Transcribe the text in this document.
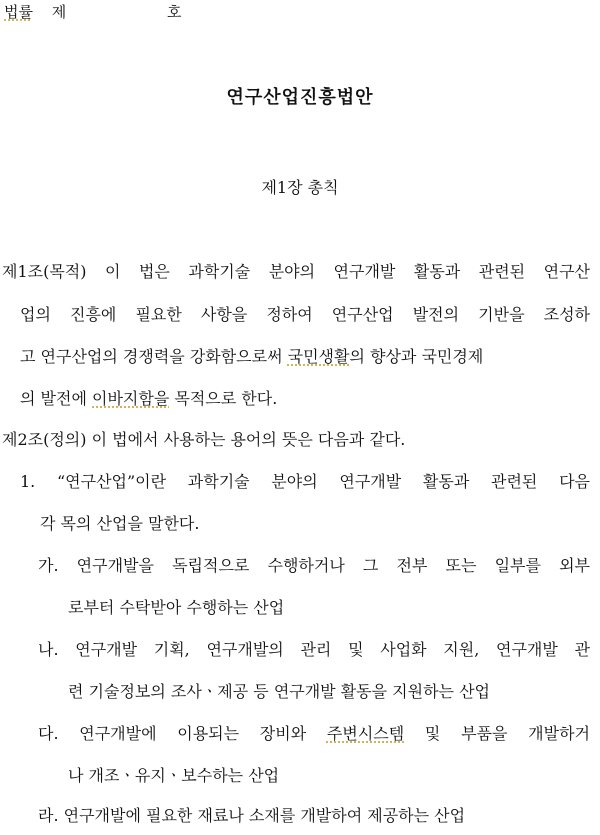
법률 제	호
연구산업진흥법안
제1장 총칙
제1조(목적) 이 법은 과학기술 분야의 연구개발 활동과 관련된 연구산
업의 진흥에 필요한 사항을 정하여 연구산업 발전의 기반을 조성하
고 연구산업의 경쟁력을 강화함으로써 국민생활의 향상과 국민경제
의 발전에 이바지함을 목적으로 한다.
제2조(정의) 이 법에서 사용하는 용어의 뜻은 다음과 같다.
1. “연구산업”이란 과학기술 분야의 연구개발 활동과 관련된 다음
각 목의 산업을 말한다.
가. 연구개발을 독립적으로 수행하거나 그 전부 또는 일부를 외부
로부터 수탁받아 수행하는 산업
나. 연구개발 기획, 연구개발의 관리 및 사업화 지원, 연구개발 관
련 기술정보의 조사ㆍ제공 등 연구개발 활동을 지원하는 산업
다. 연구개발에 이용되는 장비와 주변시스템 및 부품을 개발하거
나 개조ㆍ유지ㆍ보수하는 산업
라. 연구개발에 필요한 재료나 소재를 개발하여 제공하는 산업
